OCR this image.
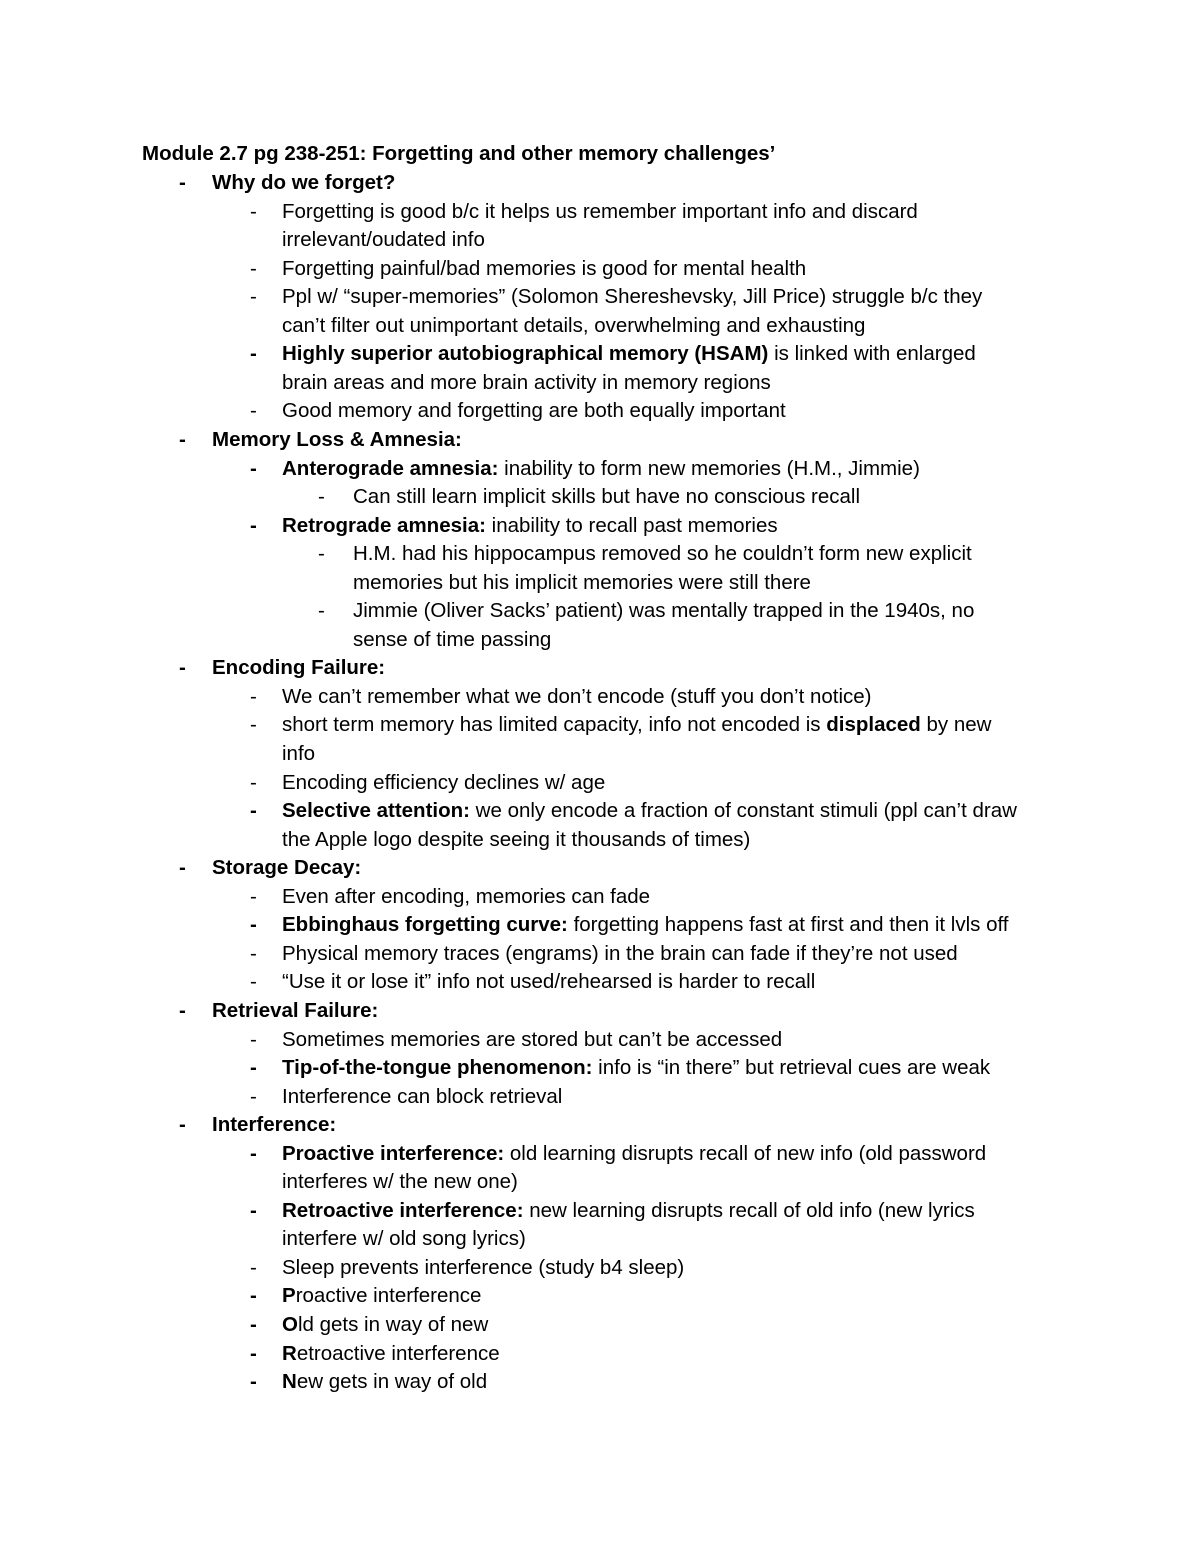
Module 2.7 pg 238-251: Forgetting and other memory challenges’
- Why do we forget?
- Forgetting is good b/c it helps us remember important info and discard
irrelevant/oudated info
- Forgetting painful/bad memories is good for mental health
- Ppl w/ “super-memories” (Solomon Shereshevsky, Jill Price) struggle b/c they
can’t filter out unimportant details, overwhelming and exhausting
- Highly superior autobiographical memory (HSAM) is linked with enlarged
brain areas and more brain activity in memory regions
- Good memory and forgetting are both equally important
- Memory Loss & Amnesia:
- Anterograde amnesia: inability to form new memories (H.M., Jimmie)
- Can still learn implicit skills but have no conscious recall
- Retrograde amnesia: inability to recall past memories
- H.M. had his hippocampus removed so he couldn’t form new explicit
memories but his implicit memories were still there
- Jimmie (Oliver Sacks’ patient) was mentally trapped in the 1940s, no
sense of time passing
- Encoding Failure:
- We can’t remember what we don’t encode (stuff you don’t notice)
- short term memory has limited capacity, info not encoded is displaced by new
info
- Encoding efficiency declines w/ age
- Selective attention: we only encode a fraction of constant stimuli (ppl can’t draw
the Apple logo despite seeing it thousands of times)
- Storage Decay:
- Even after encoding, memories can fade
- Ebbinghaus forgetting curve: forgetting happens fast at first and then it lvls off
- Physical memory traces (engrams) in the brain can fade if they’re not used
- “Use it or lose it” info not used/rehearsed is harder to recall
- Retrieval Failure:
- Sometimes memories are stored but can’t be accessed
- Tip-of-the-tongue phenomenon: info is “in there” but retrieval cues are weak
- Interference can block retrieval
- Interference:
- Proactive interference: old learning disrupts recall of new info (old password
interferes w/ the new one)
- Retroactive interference: new learning disrupts recall of old info (new lyrics
interfere w/ old song lyrics)
- Sleep prevents interference (study b4 sleep)
- Proactive interference
- Old gets in way of new
- Retroactive interference
- New gets in way of old
